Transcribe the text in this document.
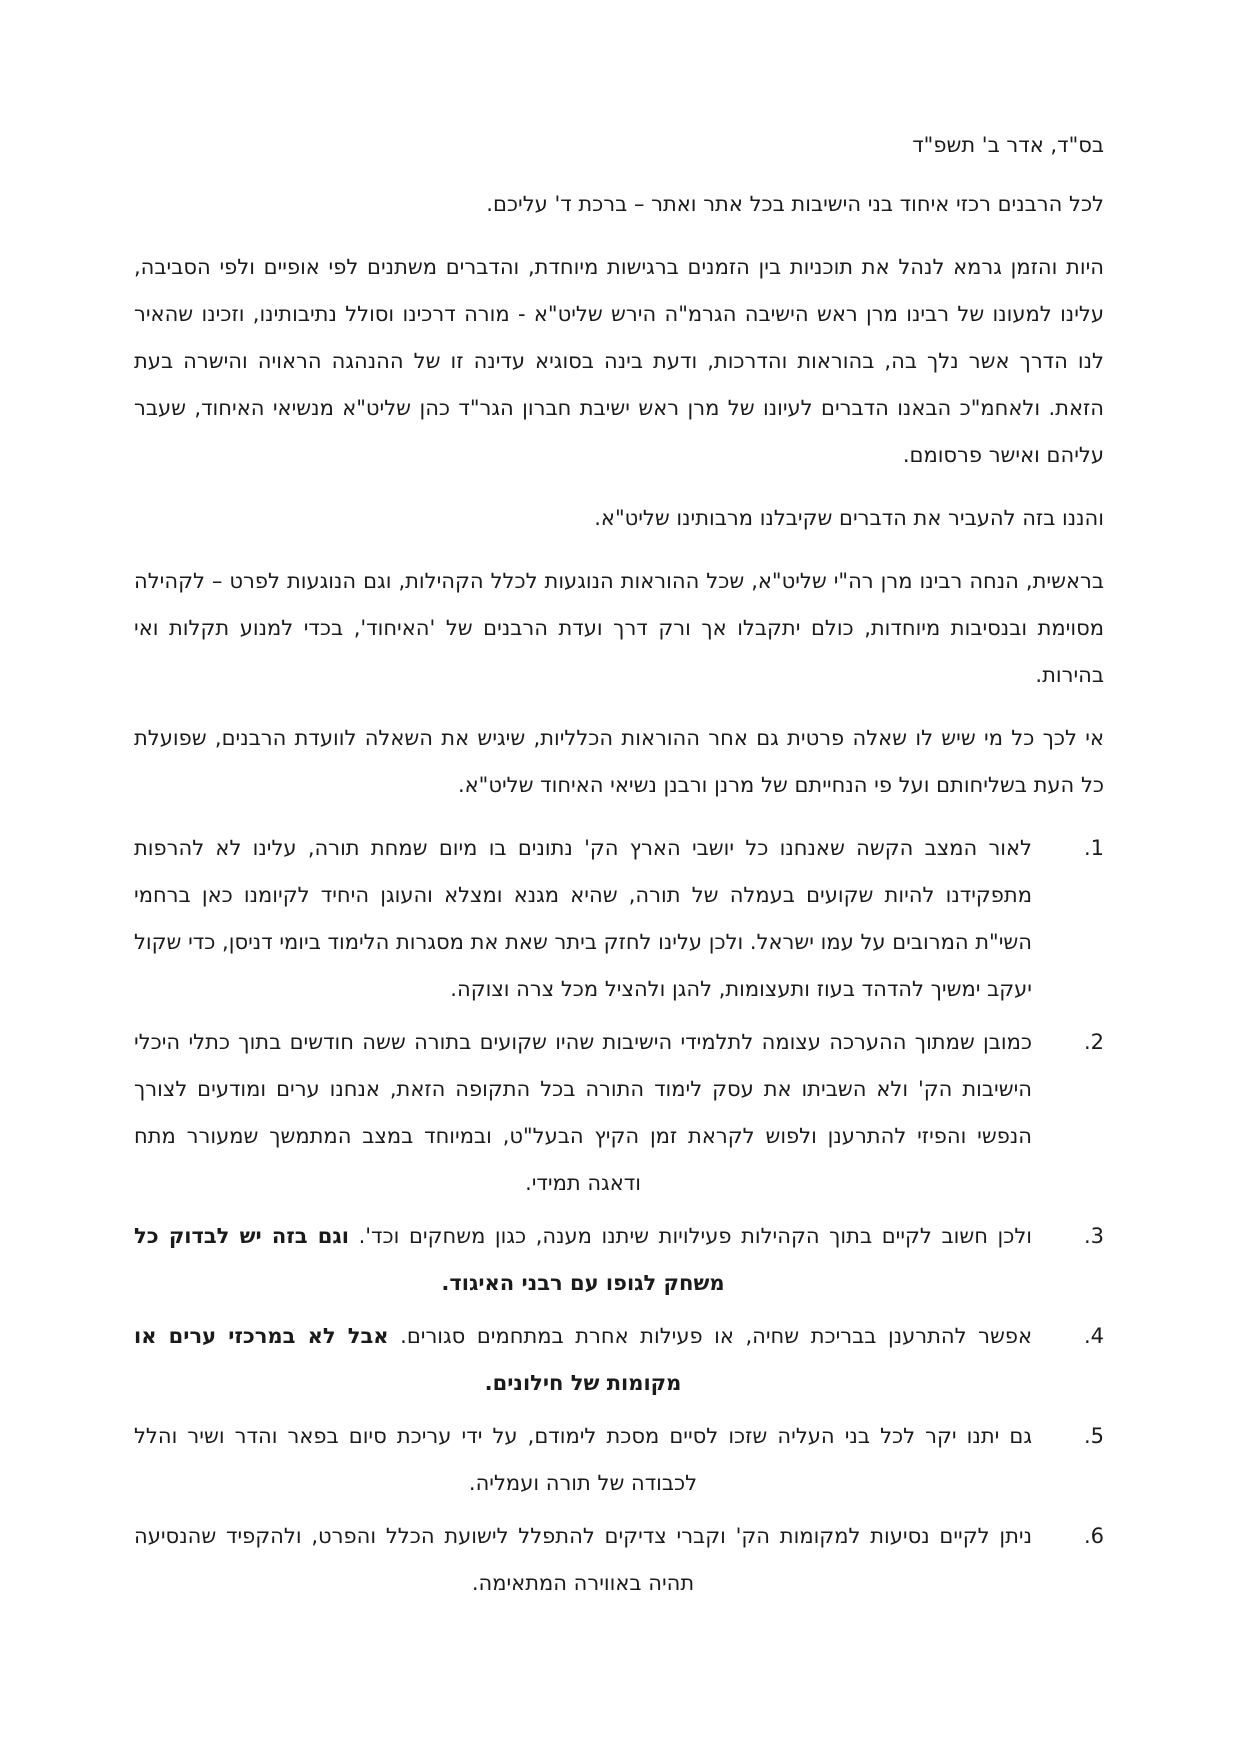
בס"ד, אדר ב' תשפ"ד

לכל הרבנים רכזי איחוד בני הישיבות בכל אתר ואתר – ברכת ד' עליכם.

היות והזמן גרמא לנהל את תוכניות בין הזמנים ברגישות מיוחדת, והדברים משתנים לפי אופיים ולפי הסביבה, עלינו למעונו של רבינו מרן ראש הישיבה הגרמ"ה הירש שליט"א - מורה דרכינו וסולל נתיבותינו, וזכינו שהאיר לנו הדרך אשר נלך בה, בהוראות והדרכות, ודעת בינה בסוגיא עדינה זו של ההנהגה הראויה והישרה בעת הזאת. ולאחמ"כ הבאנו הדברים לעיונו של מרן ראש ישיבת חברון הגר"ד כהן שליט"א מנשיאי האיחוד, שעבר עליהם ואישר פרסומם.

והננו בזה להעביר את הדברים שקיבלנו מרבותינו שליט"א.

בראשית, הנחה רבינו מרן רה"י שליט"א, שכל ההוראות הנוגעות לכלל הקהילות, וגם הנוגעות לפרט – לקהילה מסוימת ובנסיבות מיוחדות, כולם יתקבלו אך ורק דרך ועדת הרבנים של 'האיחוד', בכדי למנוע תקלות ואי בהירות.

אי לכך כל מי שיש לו שאלה פרטית גם אחר ההוראות הכלליות, שיגיש את השאלה לוועדת הרבנים, שפועלת כל העת בשליחותם ועל פי הנחייתם של מרנן ורבנן נשיאי האיחוד שליט"א.

1.
לאור המצב הקשה שאנחנו כל יושבי הארץ הק' נתונים בו מיום שמחת תורה, עלינו לא להרפות מתפקידנו להיות שקועים בעמלה של תורה, שהיא מגנא ומצלא והעוגן היחיד לקיומנו כאן ברחמי השי"ת המרובים על עמו ישראל. ולכן עלינו לחזק ביתר שאת את מסגרות הלימוד ביומי דניסן, כדי שקול יעקב ימשיך להדהד בעוז ותעצומות, להגן ולהציל מכל צרה וצוקה.
2.
כמובן שמתוך ההערכה עצומה לתלמידי הישיבות שהיו שקועים בתורה ששה חודשים בתוך כתלי היכלי הישיבות הק' ולא השביתו את עסק לימוד התורה בכל התקופה הזאת, אנחנו ערים ומודעים לצורך הנפשי והפיזי להתרענן ולפוש לקראת זמן הקיץ הבעל"ט, ובמיוחד במצב המתמשך שמעורר מתח ודאגה תמידי.
3.
ולכן חשוב לקיים בתוך הקהילות פעילויות שיתנו מענה, כגון משחקים וכד'. וגם בזה יש לבדוק כל משחק לגופו עם רבני האיגוד.
4.
אפשר להתרענן בבריכת שחיה, או פעילות אחרת במתחמים סגורים. אבל לא במרכזי ערים או מקומות של חילונים.
5.
גם יתנו יקר לכל בני העליה שזכו לסיים מסכת לימודם, על ידי עריכת סיום בפאר והדר ושיר והלל לכבודה של תורה ועמליה.
6.
ניתן לקיים נסיעות למקומות הק' וקברי צדיקים להתפלל לישועת הכלל והפרט, ולהקפיד שהנסיעה תהיה באווירה המתאימה.
